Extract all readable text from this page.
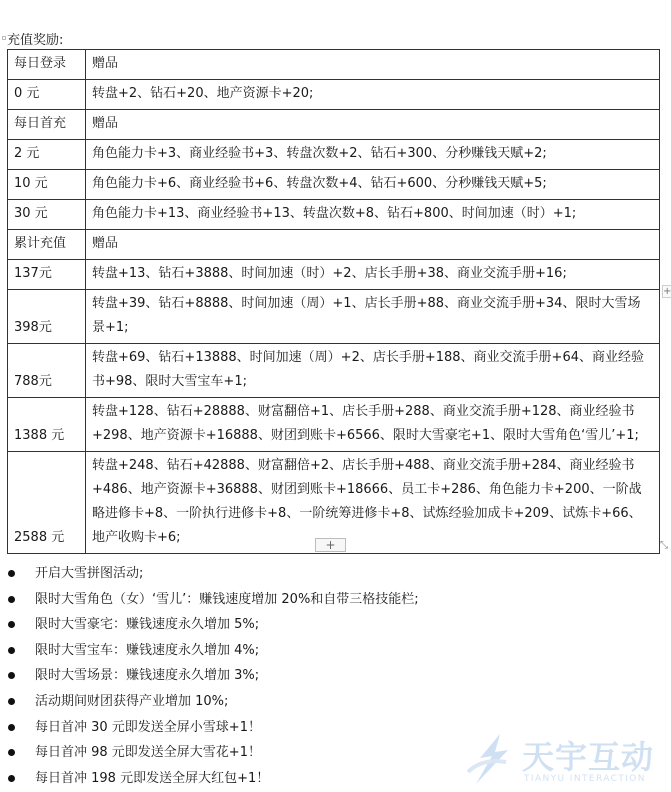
充值奖励:
每日登录	赠品
0 元	转盘+2、钻石+20、地产资源卡+20;
每日首充	赠品
2 元	角色能力卡+3、商业经验书+3、转盘次数+2、钻石+300、分秒赚钱天赋+2;
10 元	角色能力卡+6、商业经验书+6、转盘次数+4、钻石+600、分秒赚钱天赋+5;
30 元	角色能力卡+13、商业经验书+13、转盘次数+8、钻石+800、时间加速（时）+1;
累计充值	赠品
137元	转盘+13、钻石+3888、时间加速（时）+2、店长手册+38、商业交流手册+16;
398元	转盘+39、钻石+8888、时间加速（周）+1、店长手册+88、商业交流手册+34、限时大雪场景+1;
788元	转盘+69、钻石+13888、时间加速（周）+2、店长手册+188、商业交流手册+64、商业经验书+98、限时大雪宝车+1;
1388 元	转盘+128、钻石+28888、财富翻倍+1、店长手册+288、商业交流手册+128、商业经验书+298、地产资源卡+16888、财团到账卡+6566、限时大雪豪宅+1、限时大雪角色‘雪儿’+1;
2588 元	转盘+248、钻石+42888、财富翻倍+2、店长手册+488、商业交流手册+284、商业经验书+486、地产资源卡+36888、财团到账卡+18666、员工卡+286、角色能力卡+200、一阶战略进修卡+8、一阶执行进修卡+8、一阶统筹进修卡+8、试炼经验加成卡+209、试炼卡+66、地产收购卡+6;	+
+
⤡
开启大雪拼图活动;
限时大雪角色（女）‘雪儿’：赚钱速度增加 20%和自带三格技能栏;
限时大雪豪宅：赚钱速度永久增加 5%;
限时大雪宝车：赚钱速度永久增加 4%;
限时大雪场景：赚钱速度永久增加 3%;
活动期间财团获得产业增加 10%;
每日首冲 30 元即发送全屏小雪球+1！
每日首冲 98 元即发送全屏大雪花+1！
每日首冲 198 元即发送全屏大红包+1！
天宇互动
TIANYU INTERACTION
